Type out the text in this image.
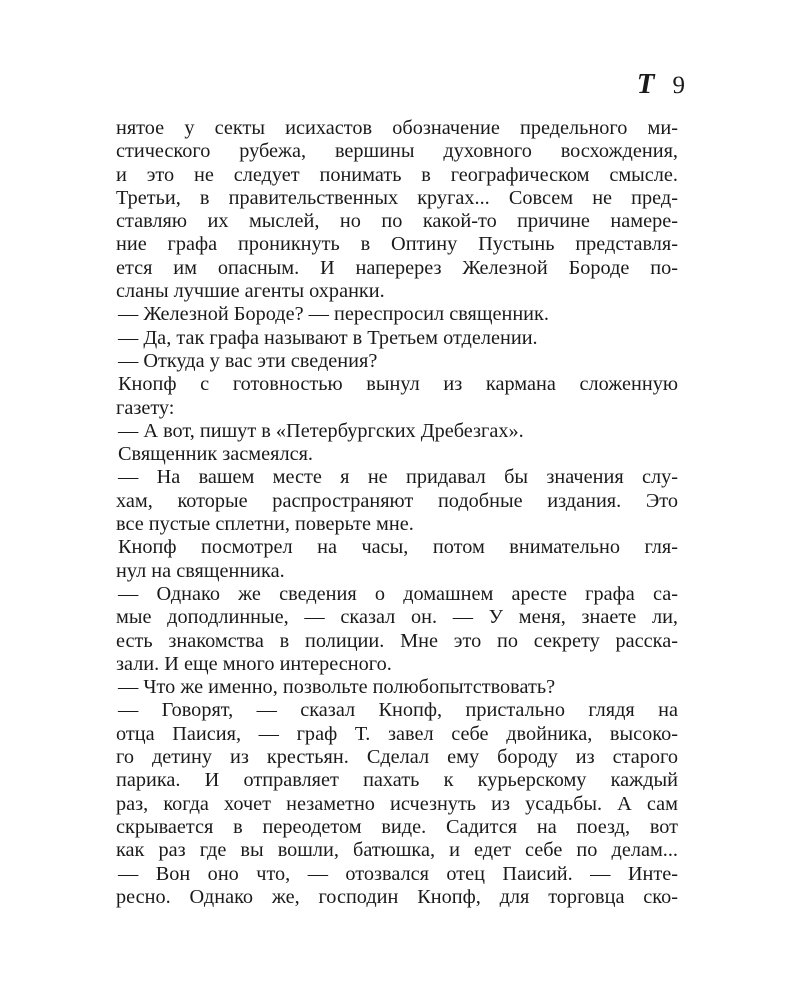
T 9
нятое у секты исихастов обозначение предельного ми-
стического рубежа, вершины духовного восхождения,
и это не следует понимать в географическом смысле.
Третьи, в правительственных кругах... Совсем не пред-
ставляю их мыслей, но по какой-то причине намере-
ние графа проникнуть в Оптину Пустынь представля-
ется им опасным. И наперерез Железной Бороде по-
сланы лучшие агенты охранки.
— Железной Бороде? — переспросил священник.
— Да, так графа называют в Третьем отделении.
— Откуда у вас эти сведения?
Кнопф с готовностью вынул из кармана сложенную
газету:
— А вот, пишут в «Петербургских Дребезгах».
Священник засмеялся.
— На вашем месте я не придавал бы значения слу-
хам, которые распространяют подобные издания. Это
все пустые сплетни, поверьте мне.
Кнопф посмотрел на часы, потом внимательно гля-
нул на священника.
— Однако же сведения о домашнем аресте графа са-
мые доподлинные, — сказал он. — У меня, знаете ли,
есть знакомства в полиции. Мне это по секрету расска-
зали. И еще много интересного.
— Что же именно, позвольте полюбопытствовать?
— Говорят, — сказал Кнопф, пристально глядя на
отца Паисия, — граф Т. завел себе двойника, высоко-
го детину из крестьян. Сделал ему бороду из старого
парика. И отправляет пахать к курьерскому каждый
раз, когда хочет незаметно исчезнуть из усадьбы. А сам
скрывается в переодетом виде. Садится на поезд, вот
как раз где вы вошли, батюшка, и едет себе по делам...
— Вон оно что, — отозвался отец Паисий. — Инте-
ресно. Однако же, господин Кнопф, для торговца ско-
